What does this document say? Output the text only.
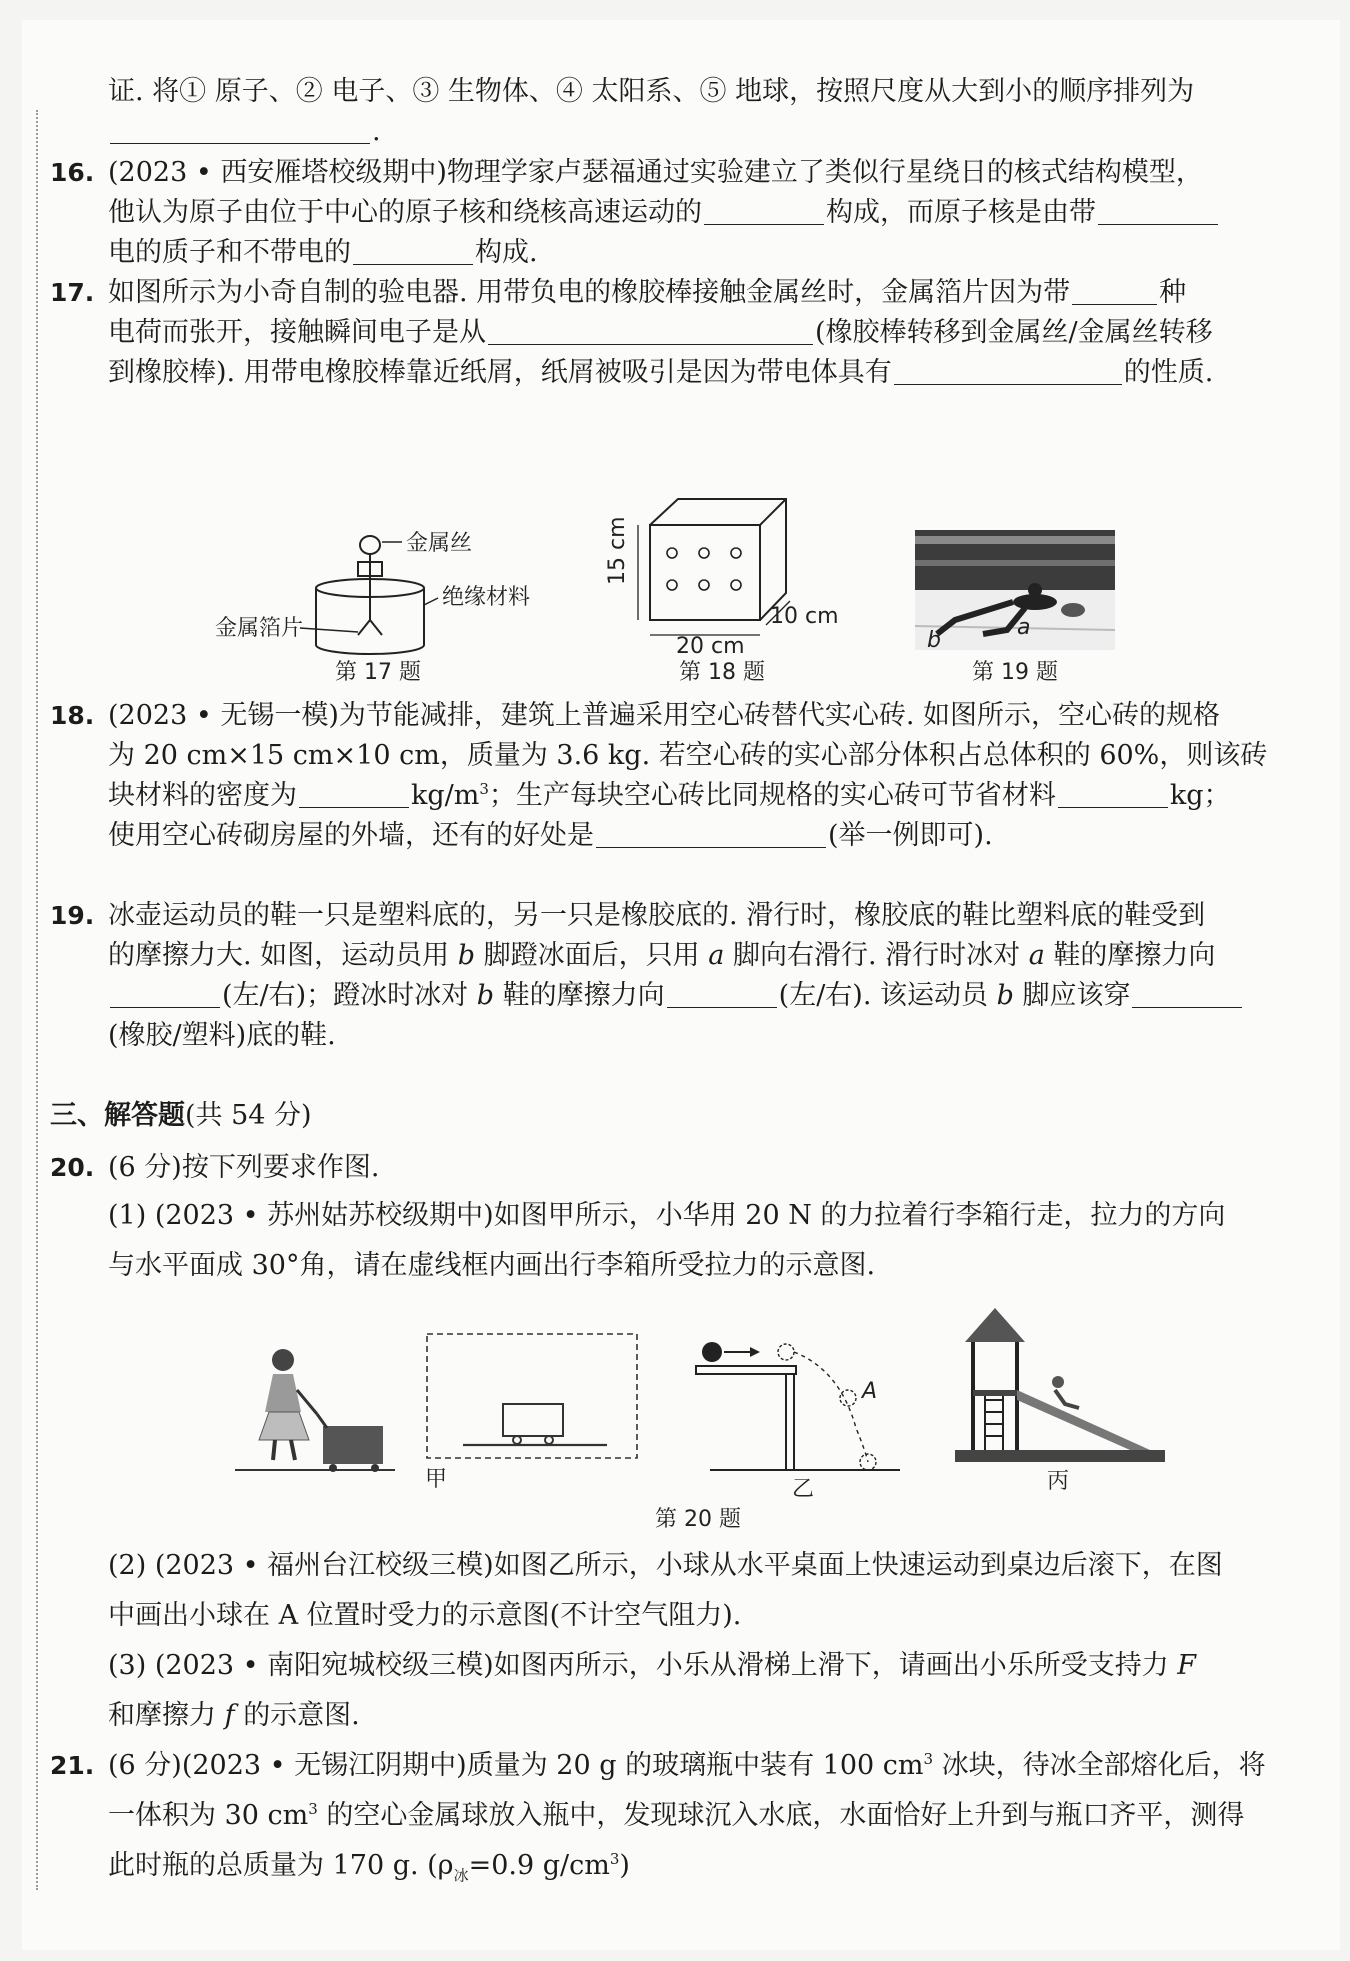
证. 将① 原子、② 电子、③ 生物体、④ 太阳系、⑤ 地球，按照尺度从大到小的顺序排列为
.
16. (2023 • 西安雁塔校级期中)物理学家卢瑟福通过实验建立了类似行星绕日的核式结构模型，
他认为原子由位于中心的原子核和绕核高速运动的	构成，而原子核是由带
电的质子和不带电的	构成.
17. 如图所示为小奇自制的验电器. 用带负电的橡胶棒接触金属丝时，金属箔片因为带	种
电荷而张开，接触瞬间电子是从	(橡胶棒转移到金属丝/金属丝转移
到橡胶棒). 用带电橡胶棒靠近纸屑，纸屑被吸引是因为带电体具有	的性质.
金属丝
绝缘材料
金属箔片
第 17 题
15 cm
10 cm
20 cm
第 18 题
b
a
第 19 题
18. (2023 • 无锡一模)为节能减排，建筑上普遍采用空心砖替代实心砖. 如图所示，空心砖的规格
为 20 cm×15 cm×10 cm，质量为 3.6 kg. 若空心砖的实心部分体积占总体积的 60%，则该砖
块材料的密度为	$kg/m^3$；生产每块空心砖比同规格的实心砖可节省材料	kg；
使用空心砖砌房屋的外墙，还有的好处是	(举一例即可).
19. 冰壶运动员的鞋一只是塑料底的，另一只是橡胶底的. 滑行时，橡胶底的鞋比塑料底的鞋受到
的摩擦力大. 如图，运动员用 b 脚蹬冰面后，只用 a 脚向右滑行. 滑行时冰对 a 鞋的摩擦力向
(左/右)；蹬冰时冰对 b 鞋的摩擦力向	(左/右). 该运动员 b 脚应该穿
(橡胶/塑料)底的鞋.
三、解答题(共 54 分)
20. (6 分)按下列要求作图.
(1) (2023 • 苏州姑苏校级期中)如图甲所示，小华用 20 N 的力拉着行李箱行走，拉力的方向
与水平面成 30°角，请在虚线框内画出行李箱所受拉力的示意图.
甲
A
乙	丙
第 20 题
(2) (2023 • 福州台江校级三模)如图乙所示，小球从水平桌面上快速运动到桌边后滚下，在图
中画出小球在 A 位置时受力的示意图(不计空气阻力).
(3) (2023 • 南阳宛城校级三模)如图丙所示，小乐从滑梯上滑下，请画出小乐所受支持力 F
和摩擦力 f 的示意图.
21. (6 分)(2023 • 无锡江阴期中)质量为 20 g 的玻璃瓶中装有 100 $cm^3$ 冰块，待冰全部熔化后，将
一体积为 30 $cm^3$ 的空心金属球放入瓶中，发现球沉入水底，水面恰好上升到与瓶口齐平，测得
此时瓶的总质量为 170 g. ($\rho_冰=0.9$ $g/cm^3$)
